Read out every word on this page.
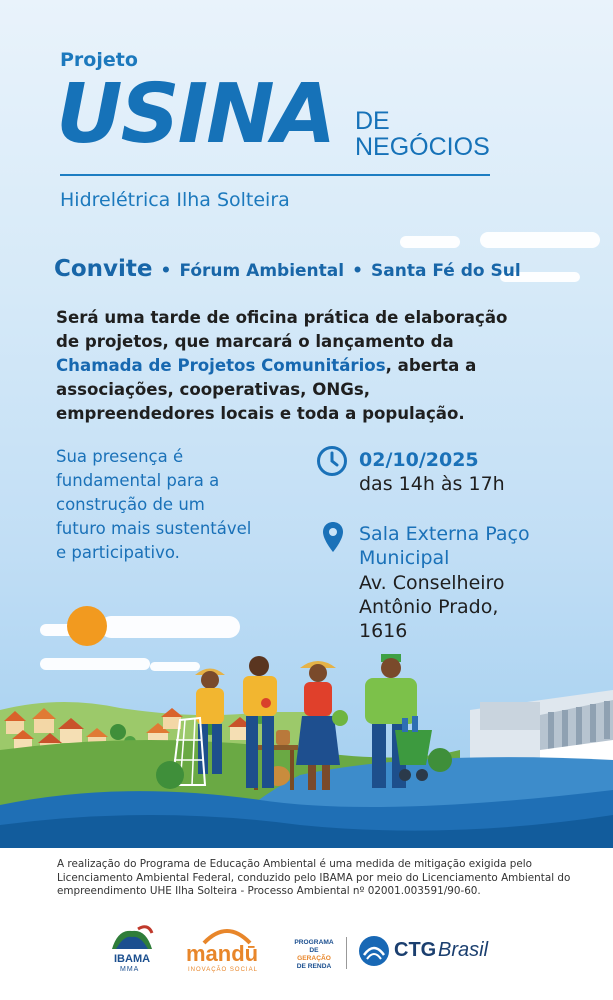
Projeto
USINA DE
NEGÓCIOS
Hidrelétrica Ilha Solteira
Convite • Fórum Ambiental • Santa Fé do Sul
Será uma tarde de oficina prática de elaboração de projetos, que marcará o lançamento da Chamada de Projetos Comunitários, aberta a associações, cooperativas, ONGs, empreendedores locais e toda a população.
Sua presença é fundamental para a construção de um futuro mais sustentável e participativo.
02/10/2025
das 14h às 17h
Sala Externa Paço Municipal
Av. Conselheiro Antônio Prado, 1616
A realização do Programa de Educação Ambiental é uma medida de mitigação exigida pelo Licenciamento Ambiental Federal, conduzido pelo IBAMA por meio do Licenciamento Ambiental do empreendimento UHE Ilha Solteira - Processo Ambiental nº 02001.003591/90-60.
IBAMA
MMA
mandū
INOVAÇÃO SOCIAL
PROGRAMA
DE
GERAÇÃO
DE RENDA
CTG Brasil
